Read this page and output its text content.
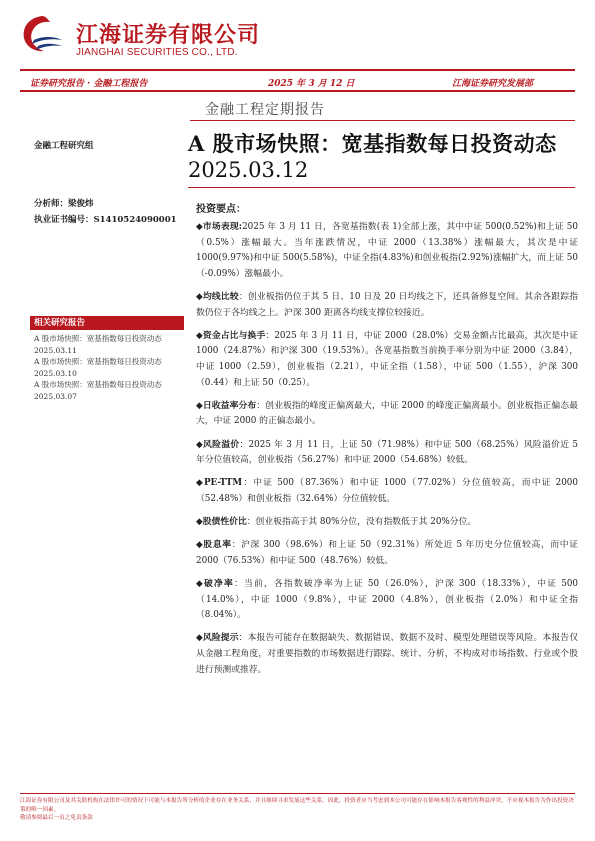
江海证券有限公司
JIANGHAI SECURITIES CO., LTD.
证券研究报告 · 金融工程报告	2025 年 3 月 12 日	江海证券研究发展部
金融工程定期报告
A 股市场快照：宽基指数每日投资动态
2025.03.12
金融工程研究组
分析师：梁俊炜
执业证书编号：S1410524090001
相关研究报告
A 股市场快照：宽基指数每日投资动态
2025.03.11
A 股市场快照：宽基指数每日投资动态
2025.03.10
A 股市场快照：宽基指数每日投资动态
2025.03.07
投资要点：

◆市场表现:2025 年 3 月 11 日，各宽基指数(表 1)全部上涨，其中中证 500(0.52%)和上证 50（0.5%）涨幅最大。当年涨跌情况，中证 2000（13.38%）涨幅最大，其次是中证 1000(9.97%)和中证 500(5.58%)，中证全指(4.83%)和创业板指(2.92%)涨幅扩大，而上证 50（-0.09%）涨幅最小。

◆均线比较：创业板指仍位于其 5 日、10 日及 20 日均线之下，还具备修复空间。其余各跟踪指数仍位于各均线之上。沪深 300 距离各均线支撑位较接近。

◆资金占比与换手：2025 年 3 月 11 日，中证 2000（28.0%）交易金额占比最高，其次是中证 1000（24.87%）和沪深 300（19.53%）。各宽基指数当前换手率分别为中证 2000（3.84），中证 1000（2.59），创业板指（2.21），中证全指（1.58），中证 500（1.55），沪深 300（0.44）和上证 50（0.25）。

◆日收益率分布：创业板指的峰度正偏离最大，中证 2000 的峰度正偏离最小。创业板指正偏态最大，中证 2000 的正偏态最小。

◆风险溢价：2025 年 3 月 11 日，上证 50（71.98%）和中证 500（68.25%）风险溢价近 5 年分位值较高，创业板指（56.27%）和中证 2000（54.68%）较低。

◆PE-TTM：中证 500（87.36%）和中证 1000（77.02%）分位值较高，而中证 2000（52.48%）和创业板指（32.64%）分位值较低。

◆股债性价比：创业板指高于其 80%分位，没有指数低于其 20%分位。

◆股息率：沪深 300（98.6%）和上证 50（92.31%）所处近 5 年历史分位值较高，而中证 2000（76.53%）和中证 500（48.76%）较低。

◆破净率：当前，各指数破净率为上证 50（26.0%），沪深 300（18.33%），中证 500（14.0%），中证 1000（9.8%），中证 2000（4.8%），创业板指（2.0%）和中证全指（8.04%）。

◆风险提示：本报告可能存在数据缺失、数据错误、数据不及时、模型处理错误等风险。本报告仅从金融工程角度，对重要指数的市场数据进行跟踪、统计、分析，不构成对市场指数、行业或个股进行预测或推荐。

江海证券有限公司及其关联机构在法律许可的情况下可能与本报告所分析的企业存在业务关系，并且继续寻求发展这些关系。因此，投资者应当考虑到本公司可能存在影响本报告客观性的利益冲突，不应视本报告为作出投资决策的唯一因素。
敬请参阅最后一页之免责条款
